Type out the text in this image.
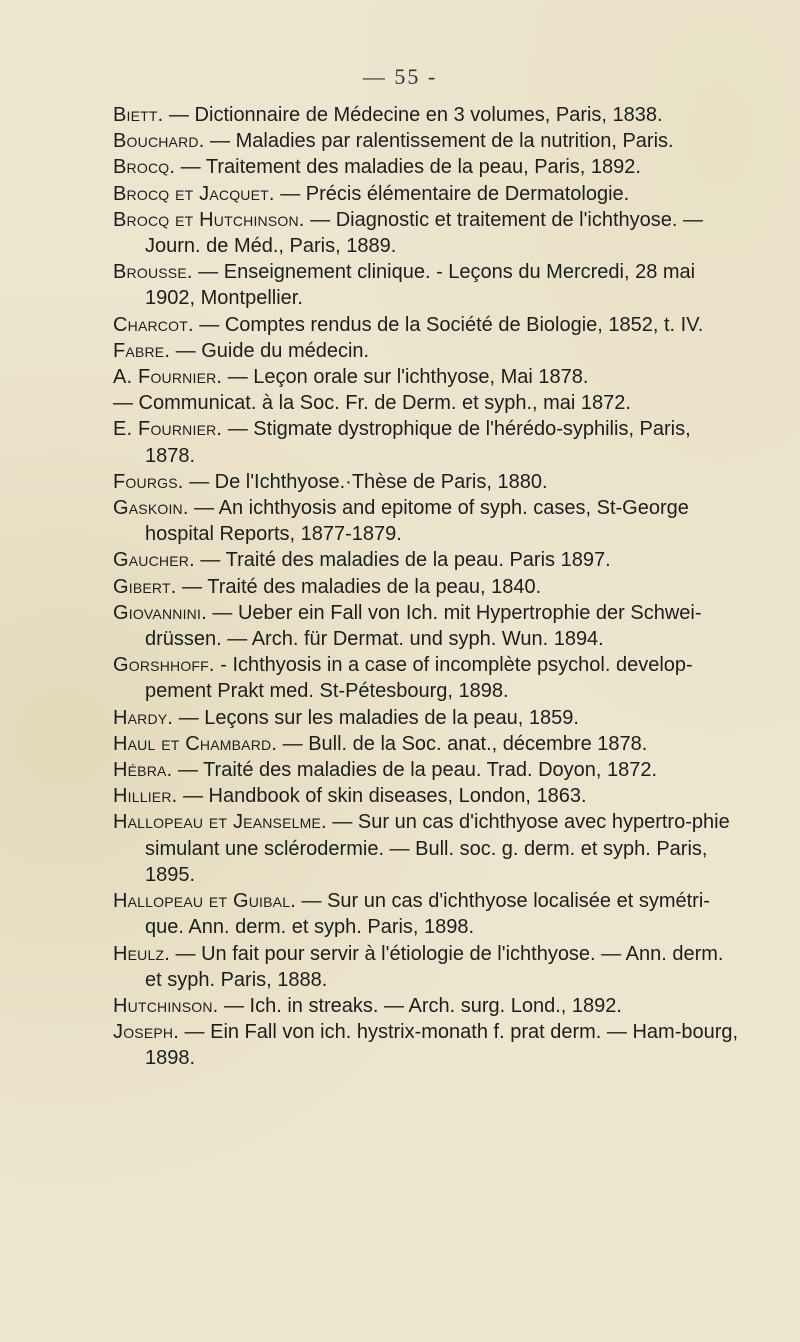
— 55 -
Biett. — Dictionnaire de Médecine en 3 volumes, Paris, 1838.
Bouchard. — Maladies par ralentissement de la nutrition, Paris.
Brocq. — Traitement des maladies de la peau, Paris, 1892.
Brocq et Jacquet. — Précis élémentaire de Dermatologie.
Brocq et Hutchinson. — Diagnostic et traitement de l'ichthyose. — Journ. de Méd., Paris, 1889.
Brousse. — Enseignement clinique. - Leçons du Mercredi, 28 mai 1902, Montpellier.
Charcot. — Comptes rendus de la Société de Biologie, 1852, t. IV.
Fabre. — Guide du médecin.
A. Fournier. — Leçon orale sur l'ichthyose, Mai 1878.
— Communicat. à la Soc. Fr. de Derm. et syph., mai 1872.
E. Fournier. — Stigmate dystrophique de l'hérédo-syphilis, Paris, 1878.
Fourgs. — De l'Ichthyose.·Thèse de Paris, 1880.
Gaskoin. — An ichthyosis and epitome of syph. cases, St-George hospital Reports, 1877-1879.
Gaucher. — Traité des maladies de la peau. Paris 1897.
Gibert. — Traité des maladies de la peau, 1840.
Giovannini. — Ueber ein Fall von Ich. mit Hypertrophie der Schwei-drüssen. — Arch. für Dermat. und syph. Wun. 1894.
Gorshhoff. - Ichthyosis in a case of incomplète psychol. develop-pement Prakt med. St-Pétesbourg, 1898.
Hardy. — Leçons sur les maladies de la peau, 1859.
Haul et Chambard. — Bull. de la Soc. anat., décembre 1878.
Hébra. — Traité des maladies de la peau. Trad. Doyon, 1872.
Hillier. — Handbook of skin diseases, London, 1863.
Hallopeau et Jeanselme. — Sur un cas d'ichthyose avec hypertro-phie simulant une sclérodermie. — Bull. soc. g. derm. et syph. Paris, 1895.
Hallopeau et Guibal. — Sur un cas d'ichthyose localisée et symétri-que. Ann. derm. et syph. Paris, 1898.
Heulz. — Un fait pour servir à l'étiologie de l'ichthyose. — Ann. derm. et syph. Paris, 1888.
Hutchinson. — Ich. in streaks. — Arch. surg. Lond., 1892.
Joseph. — Ein Fall von ich. hystrix-monath f. prat derm. — Ham-bourg, 1898.
